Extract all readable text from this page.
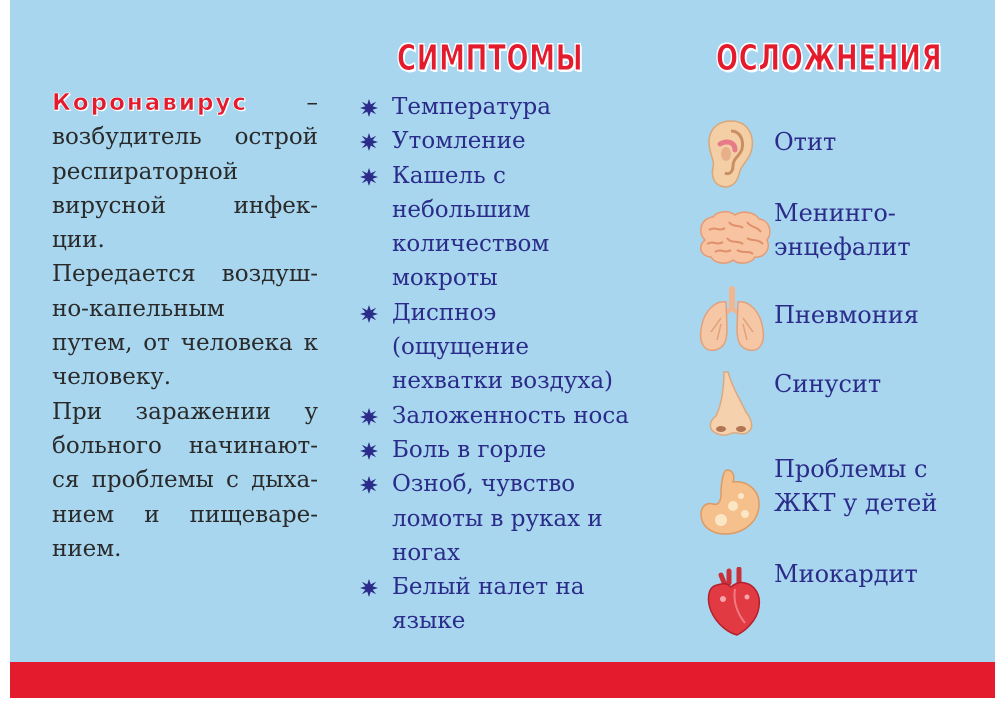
СИМПТОМЫ	ОСЛОЖНЕНИЯ
Коронавирус –
возбудитель острой
респираторной
вирусной инфек-
ции.
Передается воздуш-
но-капельным
путем, от человека к
человеку.
При заражении у
больного начинают-
ся проблемы с дыха-
нием и пищеваре-
нием.
Температура
Утомление
Кашель с
небольшим
количеством
мокроты
Диспноэ
(ощущение
нехватки воздуха)
Заложенность носа
Боль в горле
Озноб, чувство
ломоты в руках и
ногах
Белый налет на
языке
Отит
Менинго-
энцефалит
Пневмония
Синусит
Проблемы с
ЖКТ у детей
Миокардит
